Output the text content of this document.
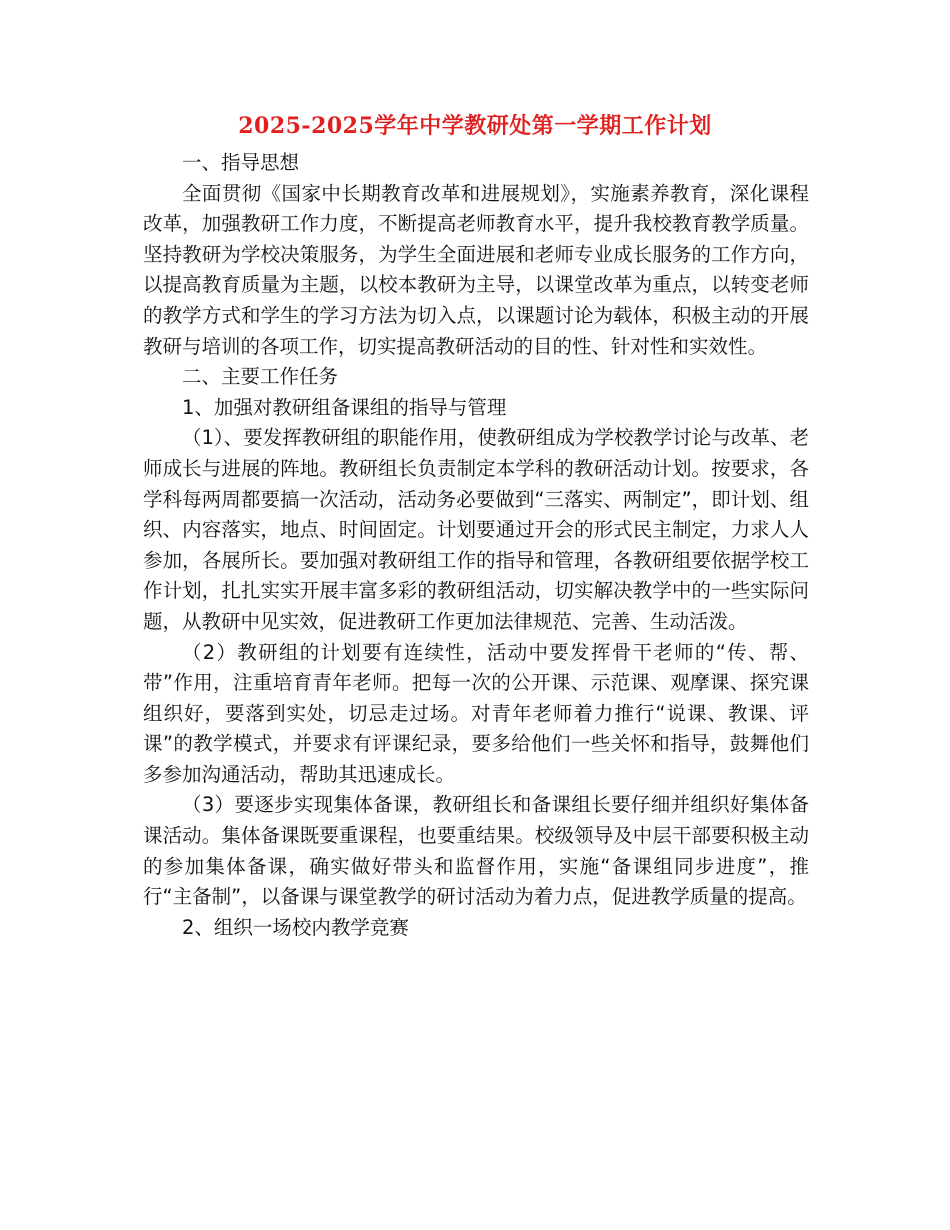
2025-2025学年中学教研处第一学期工作计划

一、指导思想

全面贯彻《国家中长期教育改革和进展规划》，实施素养教育，深化课程改革，加强教研工作力度，不断提高老师教育水平，提升我校教育教学质量。坚持教研为学校决策服务，为学生全面进展和老师专业成长服务的工作方向，以提高教育质量为主题，以校本教研为主导，以课堂改革为重点，以转变老师的教学方式和学生的学习方法为切入点，以课题讨论为载体，积极主动的开展教研与培训的各项工作，切实提高教研活动的目的性、针对性和实效性。

二、主要工作任务

1、加强对教研组备课组的指导与管理

（1）、要发挥教研组的职能作用，使教研组成为学校教学讨论与改革、老师成长与进展的阵地。教研组长负责制定本学科的教研活动计划。按要求，各学科每两周都要搞一次活动，活动务必要做到“三落实、两制定”，即计划、组织、内容落实，地点、时间固定。计划要通过开会的形式民主制定，力求人人参加，各展所长。要加强对教研组工作的指导和管理，各教研组要依据学校工作计划，扎扎实实开展丰富多彩的教研组活动，切实解决教学中的一些实际问题，从教研中见实效，促进教研工作更加法律规范、完善、生动活泼。

（2）教研组的计划要有连续性，活动中要发挥骨干老师的“传、帮、带”作用，注重培育青年老师。把每一次的公开课、示范课、观摩课、探究课组织好，要落到实处，切忌走过场。对青年老师着力推行“说课、教课、评课”的教学模式，并要求有评课纪录，要多给他们一些关怀和指导，鼓舞他们多参加沟通活动，帮助其迅速成长。

（3）要逐步实现集体备课，教研组长和备课组长要仔细并组织好集体备课活动。集体备课既要重课程，也要重结果。校级领导及中层干部要积极主动的参加集体备课，确实做好带头和监督作用，实施“备课组同步进度”，推行“主备制”，以备课与课堂教学的研讨活动为着力点，促进教学质量的提高。

2、组织一场校内教学竞赛
